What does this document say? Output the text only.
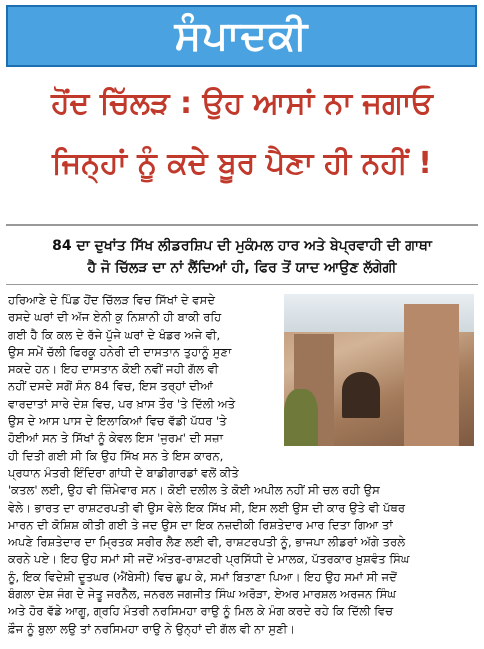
ਸੰਪਾਦਕੀ
ਹੋਂਦ ਚਿੱਲੜ : ਉਹ ਆਸਾਂ ਨਾ ਜਗਾਓ
ਜਿਨ੍ਹਾਂ ਨੂੰ ਕਦੇ ਬੂਰ ਪੈਣਾ ਹੀ ਨਹੀਂ !
84 ਦਾ ਦੁਖਾਂਤ ਸਿੱਖ ਲੀਡਰਸ਼ਿਪ ਦੀ ਮੁਕੰਮਲ ਹਾਰ ਅਤੇ ਬੇਪ੍ਰਵਾਹੀ ਦੀ ਗਾਥਾ
ਹੈ ਜੋ ਚਿੱਲੜ ਦਾ ਨਾਂ ਲੈਂਦਿਆਂ ਹੀ, ਫਿਰ ਤੋਂ ਯਾਦ ਆਉਣ ਲੱਗੇਗੀ
ਹਰਿਆਣੇ ਦੇ ਪਿੰਡ ਹੋਂਦ ਚਿੱਲੜ ਵਿਚ ਸਿੱਖਾਂ ਦੇ ਵਸਦੇ
ਰਸਦੇ ਘਰਾਂ ਦੀ ਅੱਜ ਏਨੀ ਕੁ ਨਿਸ਼ਾਨੀ ਹੀ ਬਾਕੀ ਰਹਿ
ਗਈ ਹੈ ਕਿ ਕਲ ਦੇ ਰੱਜੇ ਪੁੱਜੇ ਘਰਾਂ ਦੇ ਖੰਡਰ ਅਜੇ ਵੀ,
ਉਸ ਸਮੇਂ ਚੱਲੀ ਫਿਰਕੂ ਹਨੇਰੀ ਦੀ ਦਾਸਤਾਨ ਤੁਹਾਨੂੰ ਸੁਣਾ
ਸਕਦੇ ਹਨ। ਇਹ ਦਾਸਤਾਨ ਕੋਈ ਨਵੀਂ ਜਹੀ ਗੱਲ ਵੀ
ਨਹੀਂ ਦਸਦੇ ਸਗੋਂ ਸੰਨ 84 ਵਿਚ, ਇਸ ਤਰ੍ਹਾਂ ਦੀਆਂ
ਵਾਰਦਾਤਾਂ ਸਾਰੇ ਦੇਸ਼ ਵਿਚ, ਪਰ ਖ਼ਾਸ ਤੌਰ 'ਤੇ ਦਿੱਲੀ ਅਤੇ
ਉਸ ਦੇ ਆਸ ਪਾਸ ਦੇ ਇਲਾਕਿਆਂ ਵਿਚ ਵੱਡੀ ਪੱਧਰ 'ਤੇ
ਹੋਈਆਂ ਸਨ ਤੇ ਸਿੱਖਾਂ ਨੂੰ ਕੇਵਲ ਇਸ 'ਜੁਰਮ' ਦੀ ਸਜ਼ਾ
ਹੀ ਦਿਤੀ ਗਈ ਸੀ ਕਿ ਉਹ ਸਿੱਖ ਸਨ ਤੇ ਇਸ ਕਾਰਨ,
ਪ੍ਰਧਾਨ ਮੰਤਰੀ ਇੰਦਿਰਾ ਗਾਂਧੀ ਦੇ ਬਾਡੀਗਾਰਡਾਂ ਵਲੋਂ ਕੀਤੇ
'ਕਤਲ' ਲਈ, ਉਹ ਵੀ ਜ਼ਿੰਮੇਵਾਰ ਸਨ। ਕੋਈ ਦਲੀਲ ਤੇ ਕੋਈ ਅਪੀਲ ਨਹੀਂ ਸੀ ਚਲ ਰਹੀ ਉਸ
ਵੇਲੇ। ਭਾਰਤ ਦਾ ਰਾਸ਼ਟਰਪਤੀ ਵੀ ਉਸ ਵੇਲੇ ਇਕ ਸਿੱਖ ਸੀ, ਇਸ ਲਈ ਉਸ ਦੀ ਕਾਰ ਉਤੇ ਵੀ ਪੱਥਰ
ਮਾਰਨ ਦੀ ਕੋਸ਼ਿਸ਼ ਕੀਤੀ ਗਈ ਤੇ ਜਦ ਉਸ ਦਾ ਇਕ ਨਜ਼ਦੀਕੀ ਰਿਸ਼ਤੇਦਾਰ ਮਾਰ ਦਿਤਾ ਗਿਆ ਤਾਂ
ਅਪਣੇ ਰਿਸ਼ਤੇਦਾਰ ਦਾ ਮ੍ਰਿਤਕ ਸਰੀਰ ਲੈਣ ਲਈ ਵੀ, ਰਾਸ਼ਟਰਪਤੀ ਨੂੰ, ਭਾਜਪਾ ਲੀਡਰਾਂ ਅੱਗੇ ਤਰਲੇ
ਕਰਨੇ ਪਏ। ਇਹ ਉਹ ਸਮਾਂ ਸੀ ਜਦੋਂ ਅੰਤਰ-ਰਾਸ਼ਟਰੀ ਪ੍ਰਸਿੱਧੀ ਦੇ ਮਾਲਕ, ਪੱਤਰਕਾਰ ਖ਼ੁਸ਼ਵੰਤ ਸਿੰਘ
ਨੂੰ, ਇਕ ਵਿਦੇਸ਼ੀ ਦੂਤਘਰ (ਐਂਬੇਸੀ) ਵਿਚ ਛੁਪ ਕੇ, ਸਮਾਂ ਬਿਤਾਣਾ ਪਿਆ। ਇਹ ਉਹ ਸਮਾਂ ਸੀ ਜਦੋਂ
ਬੰਗਲਾ ਦੇਸ਼ ਜੰਗ ਦੇ ਜੇਤੂ ਜਰਨੈਲ, ਜਨਰਲ ਜਗਜੀਤ ਸਿੰਘ ਅਰੋੜਾ, ਏਅਰ ਮਾਰਸ਼ਲ ਅਰਜਨ ਸਿੰਘ
ਅਤੇ ਹੋਰ ਵੱਡੇ ਆਗੂ, ਗ੍ਰਹਿ ਮੰਤਰੀ ਨਰਸਿਮਹਾ ਰਾਉ ਨੂੰ ਮਿਲ ਕੇ ਮੰਗ ਕਰਦੇ ਰਹੇ ਕਿ ਦਿੱਲੀ ਵਿਚ
ਫ਼ੌਜ ਨੂੰ ਬੁਲਾ ਲਉ ਤਾਂ ਨਰਸਿਮਹਾ ਰਾਉ ਨੇ ਉਨ੍ਹਾਂ ਦੀ ਗੱਲ ਵੀ ਨਾ ਸੁਣੀ।
